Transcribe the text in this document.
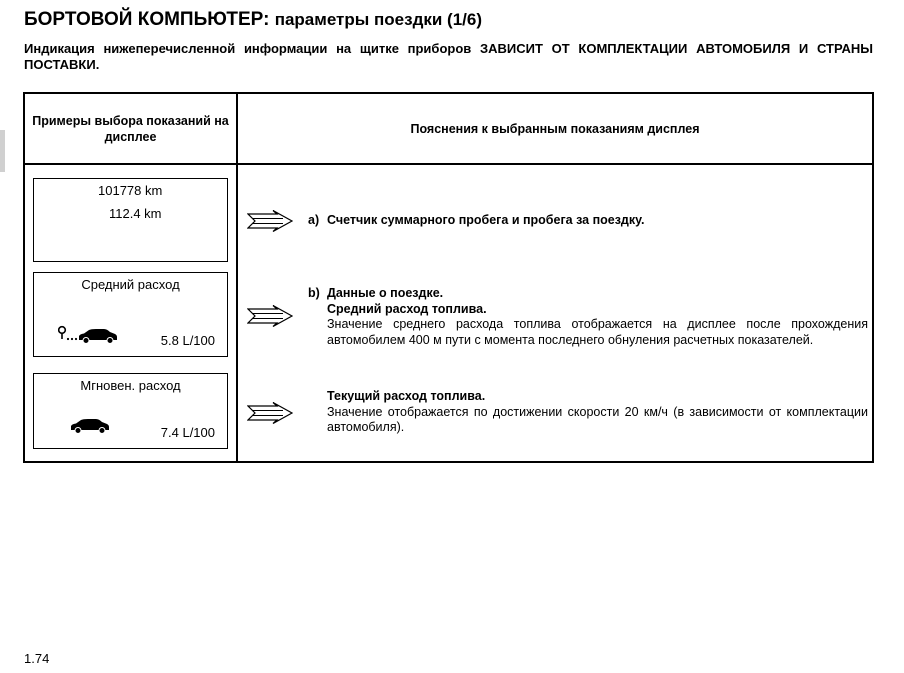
БОРТОВОЙ КОМПЬЮТЕР: параметры поездки (1/6)
Индикация нижеперечисленной информации на щитке приборов ЗАВИСИТ ОТ КОМПЛЕКТАЦИИ АВТОМОБИЛЯ И СТРАНЫ ПОСТАВКИ.
Примеры выбора показаний на дисплее
Пояснения к выбранным показаниям дисплея
101778 km
112.4 km
Средний расход
5.8 L/100
Мгновен. расход
7.4 L/100
a) Счетчик суммарного пробега и пробега за поездку.
b) Данные о поездке.
Средний расход топлива.
Значение среднего расхода топлива отображается на дисплее после прохождения автомобилем 400 м пути с момента последнего обнуления расчетных показателей.
Текущий расход топлива.
Значение отображается по достижении скорости 20 км/ч (в зависимости от комплектации автомобиля).
1.74
